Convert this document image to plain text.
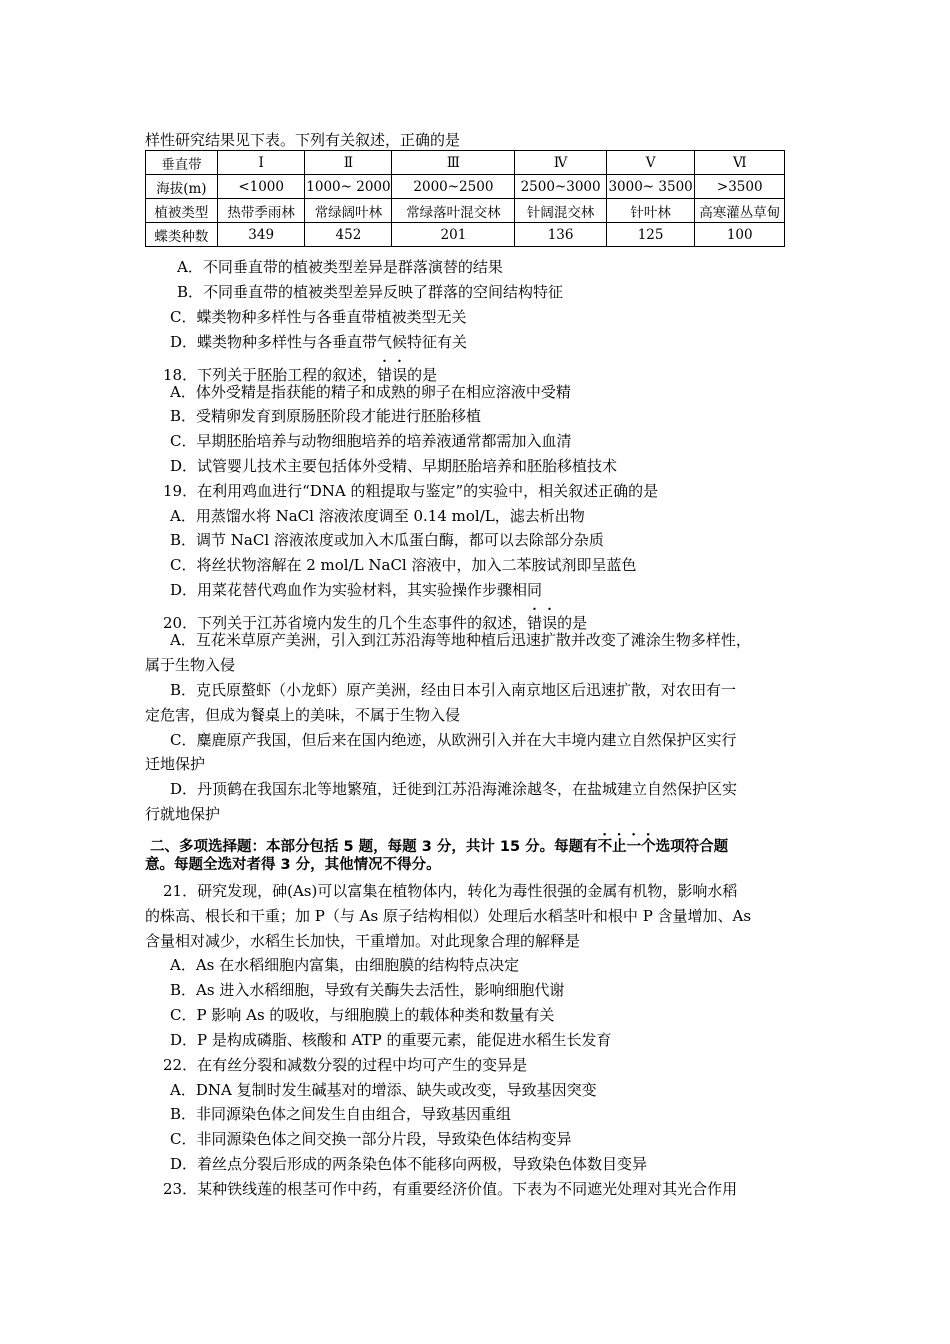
样性研究结果见下表。下列有关叙述，正确的是
垂直带	I	Ⅱ	Ⅲ	Ⅳ	V	Ⅵ
海拔(m)	<1000	1000~ 2000	2000~2500	2500~3000	3000~ 3500	>3500
植被类型	热带季雨林	常绿阔叶林	常绿落叶混交林	针阔混交林	针叶林	高寒灌丛草甸
蝶类种数	349	452	201	136	125	100
A．不同垂直带的植被类型差异是群落演替的结果
B．不同垂直带的植被类型差异反映了群落的空间结构特征
C．蝶类物种多样性与各垂直带植被类型无关
D．蝶类物种多样性与各垂直带气候特征有关
18．下列关于胚胎工程的叙述，错误的是
A．体外受精是指获能的精子和成熟的卵子在相应溶液中受精
B．受精卵发育到原肠胚阶段才能进行胚胎移植
C．早期胚胎培养与动物细胞培养的培养液通常都需加入血清
D．试管婴儿技术主要包括体外受精、早期胚胎培养和胚胎移植技术
19．在利用鸡血进行“DNA 的粗提取与鉴定”的实验中，相关叙述正确的是
A．用蒸馏水将 NaCl 溶液浓度调至 0.14 mol/L，滤去析出物
B．调节 NaCl 溶液浓度或加入木瓜蛋白酶，都可以去除部分杂质
C．将丝状物溶解在 2 mol/L NaCl 溶液中，加入二苯胺试剂即呈蓝色
D．用菜花替代鸡血作为实验材料，其实验操作步骤相同
20．下列关于江苏省境内发生的几个生态事件的叙述，错误的是
A．互花米草原产美洲，引入到江苏沿海等地种植后迅速扩散并改变了滩涂生物多样性，
属于生物入侵
B．克氏原螯虾（小龙虾）原产美洲，经由日本引入南京地区后迅速扩散，对农田有一
定危害，但成为餐桌上的美味，不属于生物入侵
C．麋鹿原产我国，但后来在国内绝迹，从欧洲引入并在大丰境内建立自然保护区实行
迁地保护
D．丹顶鹤在我国东北等地繁殖，迁徙到江苏沿海滩涂越冬，在盐城建立自然保护区实
行就地保护
二、多项选择题：本部分包括 5 题，每题 3 分，共计 15 分。每题有不止一个选项符合题
意。每题全选对者得 3 分，其他情况不得分。
21．研究发现，砷(As)可以富集在植物体内，转化为毒性很强的金属有机物，影响水稻
的株高、根长和干重；加 P（与 As 原子结构相似）处理后水稻茎叶和根中 P 含量增加、As
含量相对减少，水稻生长加快，干重增加。对此现象合理的解释是
A．As 在水稻细胞内富集，由细胞膜的结构特点决定
B．As 进入水稻细胞，导致有关酶失去活性，影响细胞代谢
C．P 影响 As 的吸收，与细胞膜上的载体种类和数量有关
D．P 是构成磷脂、核酸和 ATP 的重要元素，能促进水稻生长发育
22．在有丝分裂和减数分裂的过程中均可产生的变异是
A．DNA 复制时发生碱基对的增添、缺失或改变，导致基因突变
B．非同源染色体之间发生自由组合，导致基因重组
C．非同源染色体之间交换一部分片段，导致染色体结构变异
D．着丝点分裂后形成的两条染色体不能移向两极，导致染色体数目变异
23．某种铁线莲的根茎可作中药，有重要经济价值。下表为不同遮光处理对其光合作用
